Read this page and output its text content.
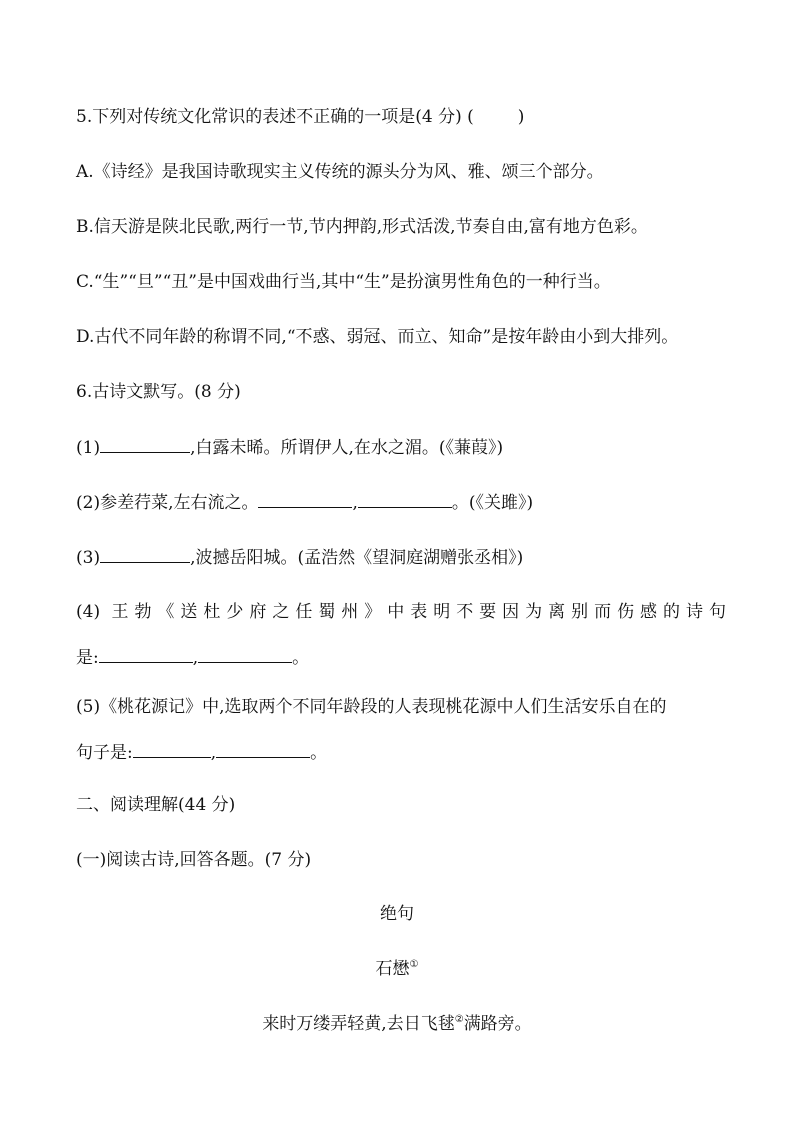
5.下列对传统文化常识的表述不正确的一项是(4 分) (	)
A.《诗经》是我国诗歌现实主义传统的源头分为风、雅、颂三个部分。
B.信天游是陕北民歌,两行一节,节内押韵,形式活泼,节奏自由,富有地方色彩。
C.“生”“旦”“丑”是中国戏曲行当,其中“生”是扮演男性角色的一种行当。
D.古代不同年龄的称谓不同,“不惑、弱冠、而立、知命”是按年龄由小到大排列。
6.古诗文默写。(8 分)
(1)	,白露未晞。所谓伊人,在水之湄。(《蒹葭》)
(2)参差荇菜,左右流之。	,	。(《关雎》)
(3)	,波撼岳阳城。(孟浩然《望洞庭湖赠张丞相》)
(4) 王勃《送杜少府之任蜀州》中表明不要因为离别而伤感的诗句
是:	,	。
(5)《桃花源记》中,选取两个不同年龄段的人表现桃花源中人们生活安乐自在的
句子是:	,	。
二、阅读理解(44 分)
(一)阅读古诗,回答各题。(7 分)
绝句
石懋①
来时万缕弄轻黄,去日飞毬②满路旁。
